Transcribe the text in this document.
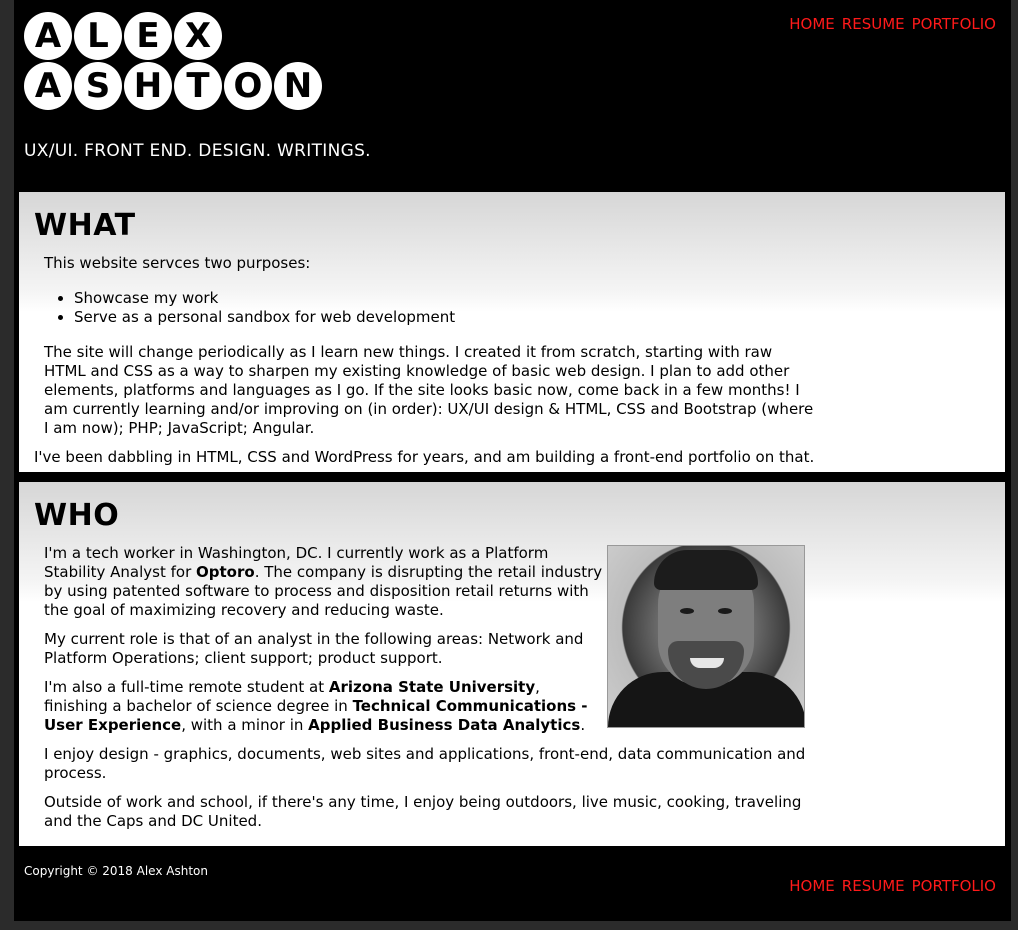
A L E X
A S H T O N
UX/UI. FRONT END. DESIGN. WRITINGS.
HOME RESUME PORTFOLIO
WHAT
This website servces two purposes:
• Showcase my work
• Serve as a personal sandbox for web development

The site will change periodically as I learn new things. I created it from scratch, starting with raw HTML and CSS as a way to sharpen my existing knowledge of basic web design. I plan to add other elements, platforms and languages as I go. If the site looks basic now, come back in a few months! I am currently learning and/or improving on (in order): UX/UI design & HTML, CSS and Bootstrap (where I am now); PHP; JavaScript; Angular.

I've been dabbling in HTML, CSS and WordPress for years, and am building a front-end portfolio on that.

WHO

I'm a tech worker in Washington, DC. I currently work as a Platform Stability Analyst for Optoro. The company is disrupting the retail industry by using patented software to process and disposition retail returns with the goal of maximizing recovery and reducing waste.

My current role is that of an analyst in the following areas: Network and Platform Operations; client support; product support.

I'm also a full-time remote student at Arizona State University, finishing a bachelor of science degree in Technical Communications - User Experience, with a minor in Applied Business Data Analytics.

I enjoy design - graphics, documents, web sites and applications, front-end, data communication and process.

Outside of work and school, if there's any time, I enjoy being outdoors, live music, cooking, traveling and the Caps and DC United.

Copyright © 2018 Alex Ashton
HOME RESUME PORTFOLIO
